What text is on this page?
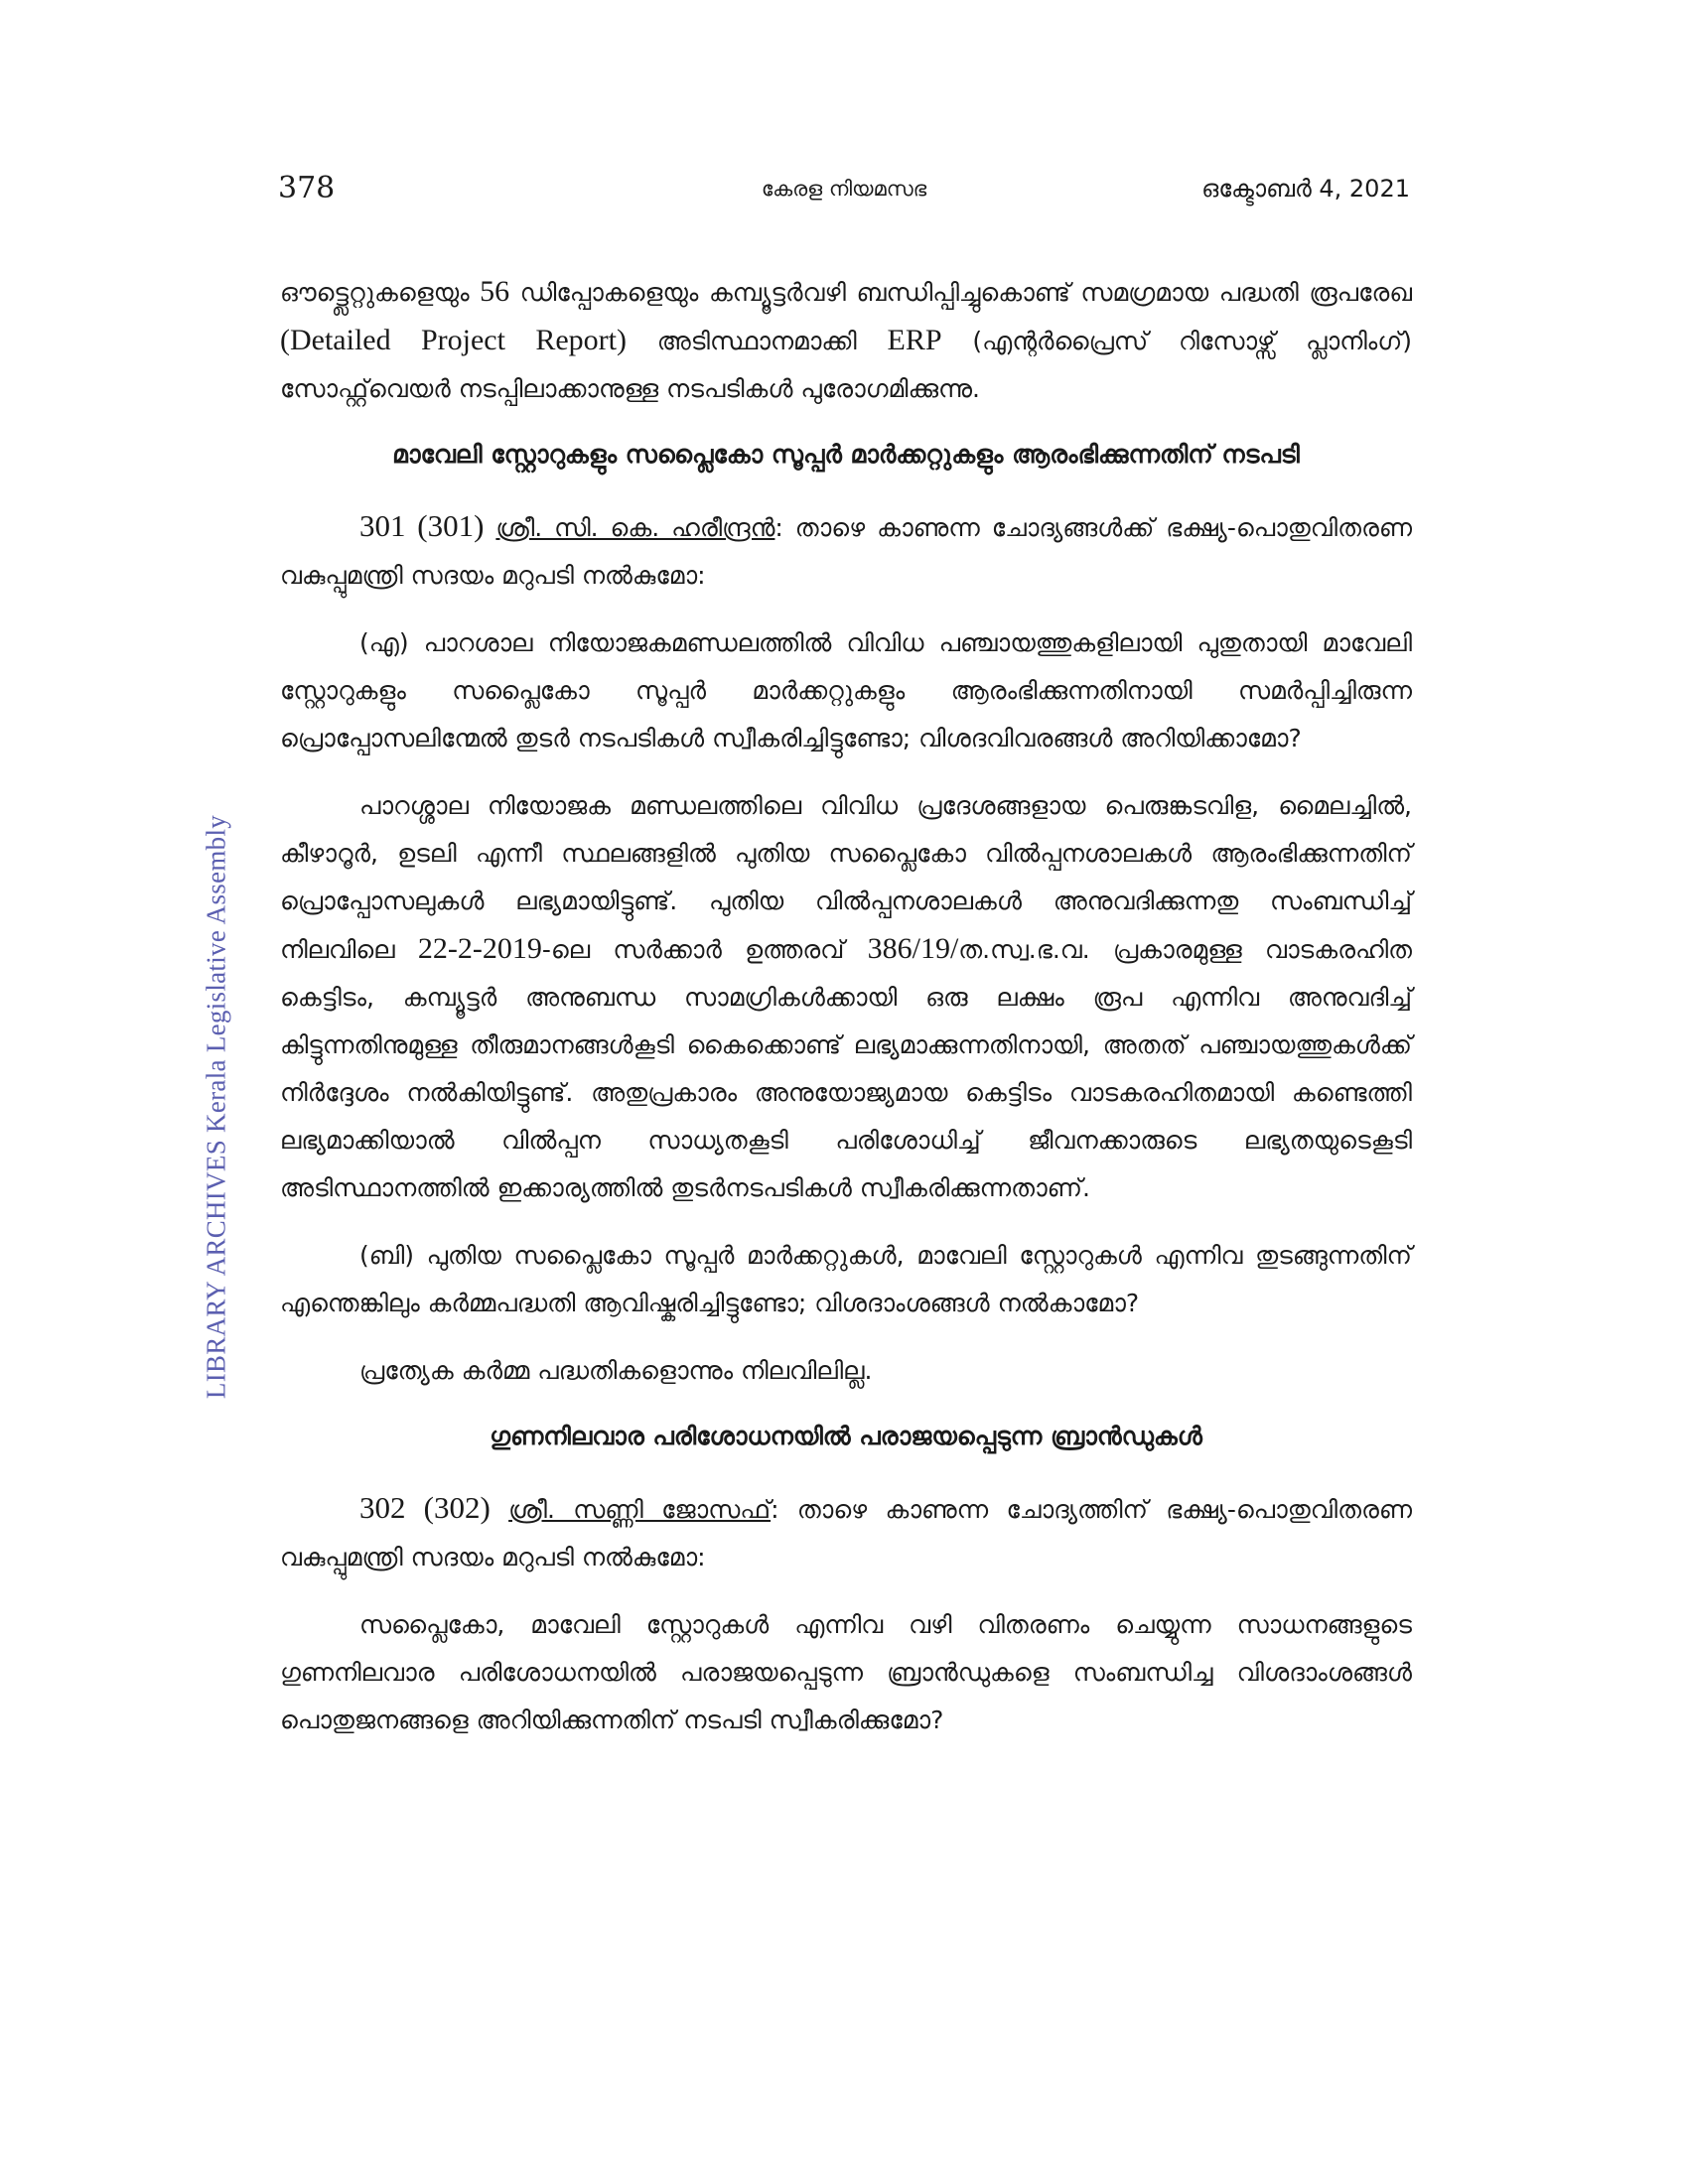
378	കേരള നിയമസഭ	ഒക്ടോബർ 4, 2021
LIBRARY ARCHIVES Kerala Legislative Assembly

ഔട്ട്ലെറ്റുകളെയും 56 ഡിപ്പോകളെയും കമ്പ്യൂട്ടർവഴി ബന്ധിപ്പിച്ചുകൊണ്ട് സമഗ്രമായ പദ്ധതി രൂപരേഖ (Detailed Project Report) അടിസ്ഥാനമാക്കി ERP (എന്റർപ്രൈസ് റിസോഴ്സ് പ്ലാനിംഗ്) സോഫ്റ്റ്‌വെയർ നടപ്പിലാക്കാനുള്ള നടപടികൾ പുരോഗമിക്കുന്നു.

മാവേലി സ്റ്റോറുകളും സപ്ലൈകോ സൂപ്പർ മാർക്കറ്റുകളും ആരംഭിക്കുന്നതിന് നടപടി

301 (301) ശ്രീ. സി. കെ. ഹരീന്ദ്രൻ: താഴെ കാണുന്ന ചോദ്യങ്ങൾക്ക് ഭക്ഷ്യ-പൊതുവിതരണ വകുപ്പുമന്ത്രി സദയം മറുപടി നൽകുമോ:

(എ) പാറശാല നിയോജകമണ്ഡലത്തിൽ വിവിധ പഞ്ചായത്തുകളിലായി പുതുതായി മാവേലി സ്റ്റോറുകളും സപ്ലൈകോ സൂപ്പർ മാർക്കറ്റുകളും ആരംഭിക്കുന്നതിനായി സമർപ്പിച്ചിരുന്ന പ്രൊപ്പോസലിന്മേൽ തുടർ നടപടികൾ സ്വീകരിച്ചിട്ടുണ്ടോ; വിശദവിവരങ്ങൾ അറിയിക്കാമോ?

പാറശ്ശാല നിയോജക മണ്ഡലത്തിലെ വിവിധ പ്രദേശങ്ങളായ പെരുങ്കടവിള, മൈലച്ചിൽ, കീഴാറൂർ, ഉടലി എന്നീ സ്ഥലങ്ങളിൽ പുതിയ സപ്ലൈകോ വിൽപ്പനശാലകൾ ആരംഭിക്കുന്നതിന് പ്രൊപ്പോസലുകൾ ലഭ്യമായിട്ടുണ്ട്. പുതിയ വിൽപ്പനശാലകൾ അനുവദിക്കുന്നതു സംബന്ധിച്ച് നിലവിലെ 22-2-2019-ലെ സർക്കാർ ഉത്തരവ് 386/19/ത.സ്വ.ഭ.വ. പ്രകാരമുള്ള വാടകരഹിത കെട്ടിടം, കമ്പ്യൂട്ടർ അനുബന്ധ സാമഗ്രികൾക്കായി ഒരു ലക്ഷം രൂപ എന്നിവ അനുവദിച്ച് കിട്ടുന്നതിനുമുള്ള തീരുമാനങ്ങൾകൂടി കൈക്കൊണ്ട് ലഭ്യമാക്കുന്നതിനായി, അതത് പഞ്ചായത്തുകൾക്ക് നിർദ്ദേശം നൽകിയിട്ടുണ്ട്. അതുപ്രകാരം അനുയോജ്യമായ കെട്ടിടം വാടകരഹിതമായി കണ്ടെത്തി ലഭ്യമാക്കിയാൽ വിൽപ്പന സാധ്യതകൂടി പരിശോധിച്ച് ജീവനക്കാരുടെ ലഭ്യതയുടെകൂടി അടിസ്ഥാനത്തിൽ ഇക്കാര്യത്തിൽ തുടർനടപടികൾ സ്വീകരിക്കുന്നതാണ്.

(ബി) പുതിയ സപ്ലൈകോ സൂപ്പർ മാർക്കറ്റുകൾ, മാവേലി സ്റ്റോറുകൾ എന്നിവ തുടങ്ങുന്നതിന് എന്തെങ്കിലും കർമ്മപദ്ധതി ആവിഷ്കരിച്ചിട്ടുണ്ടോ; വിശദാംശങ്ങൾ നൽകാമോ?

പ്രത്യേക കർമ്മ പദ്ധതികളൊന്നും നിലവിലില്ല.

ഗുണനിലവാര പരിശോധനയിൽ പരാജയപ്പെടുന്ന ബ്രാൻഡുകൾ

302 (302) ശ്രീ. സണ്ണി ജോസഫ്: താഴെ കാണുന്ന ചോദ്യത്തിന് ഭക്ഷ്യ-പൊതുവിതരണ വകുപ്പുമന്ത്രി സദയം മറുപടി നൽകുമോ:

സപ്ലൈകോ, മാവേലി സ്റ്റോറുകൾ എന്നിവ വഴി വിതരണം ചെയ്യുന്ന സാധനങ്ങളുടെ ഗുണനിലവാര പരിശോധനയിൽ പരാജയപ്പെടുന്ന ബ്രാൻഡുകളെ സംബന്ധിച്ച വിശദാംശങ്ങൾ പൊതുജനങ്ങളെ അറിയിക്കുന്നതിന് നടപടി സ്വീകരിക്കുമോ?
